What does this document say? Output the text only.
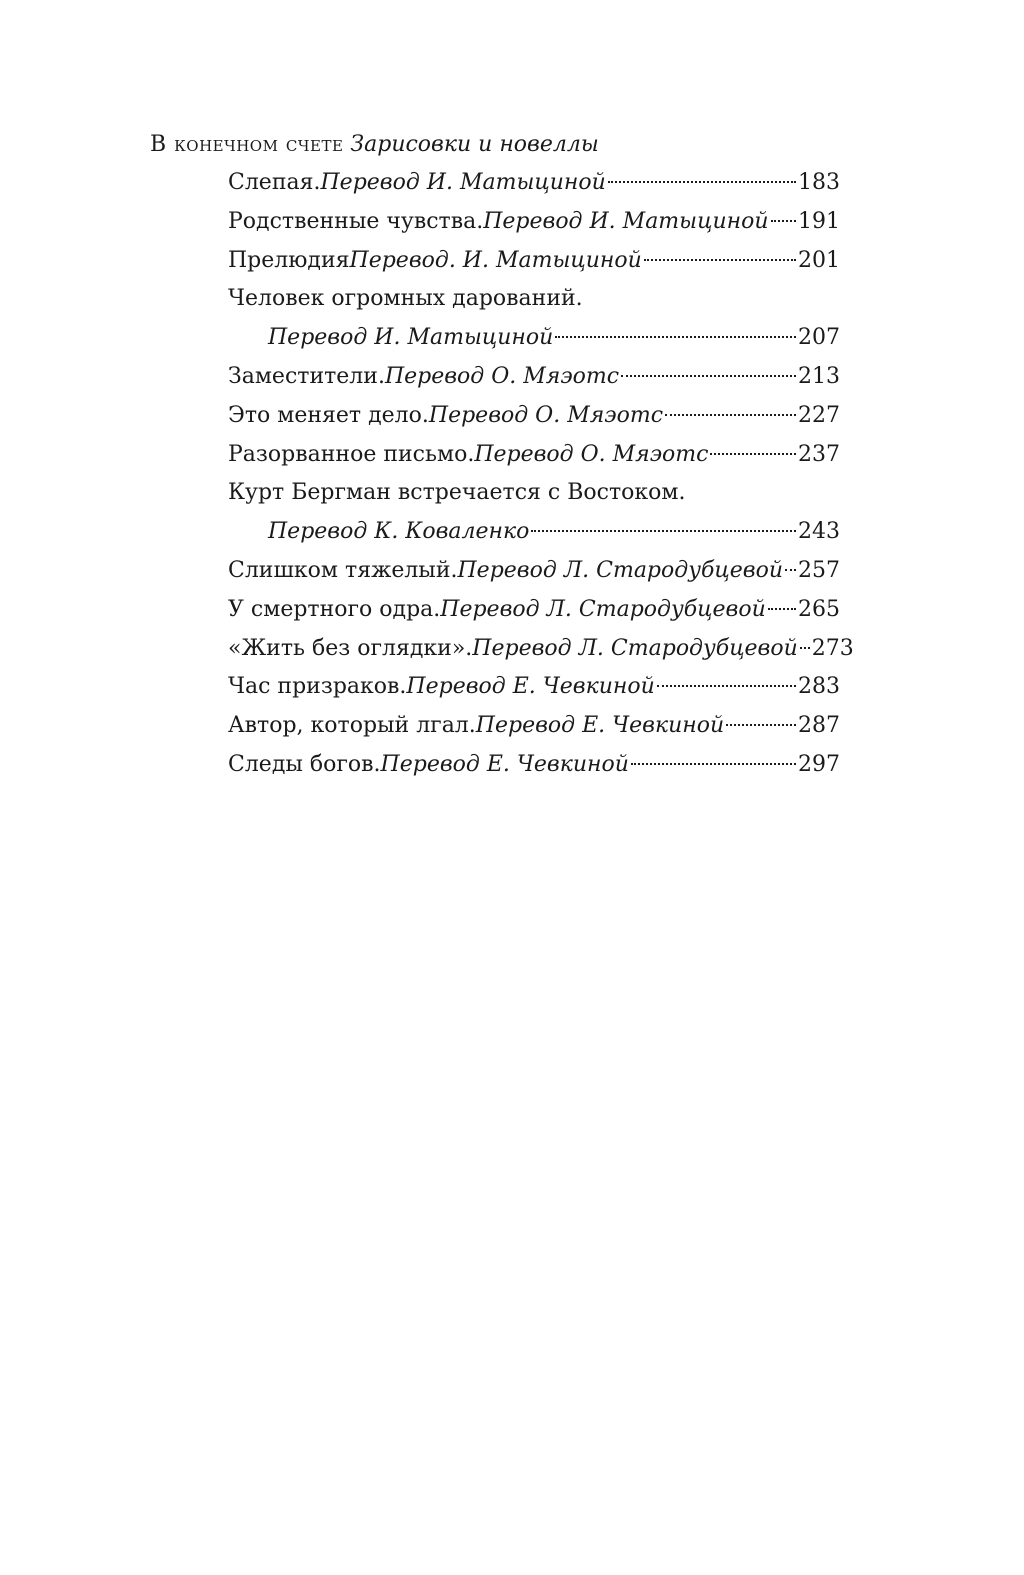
В конечном счете Зарисовки и новеллы
Слепая. Перевод И. Матыциной	183
Родственные чувства. Перевод И. Матыциной 191
Прелюдия Перевод. И. Матыциной	201
Человек огромных дарований.
Перевод И. Матыциной	207
Заместители. Перевод О. Мяэотс	213
Это меняет дело. Перевод О. Мяэотс	227
Разорванное письмо. Перевод О. Мяэотс	237
Курт Бергман встречается с Востоком.
Перевод К. Коваленко	243
Слишком тяжелый. Перевод Л. Стародубцевой 257
У смертного одра. Перевод Л. Стародубцевой 265
«Жить без оглядки». Перевод Л. Стародубцевой 273
Час призраков. Перевод Е. Чевкиной	283
Автор, который лгал. Перевод Е. Чевкиной	287
Следы богов. Перевод Е. Чевкиной	297
